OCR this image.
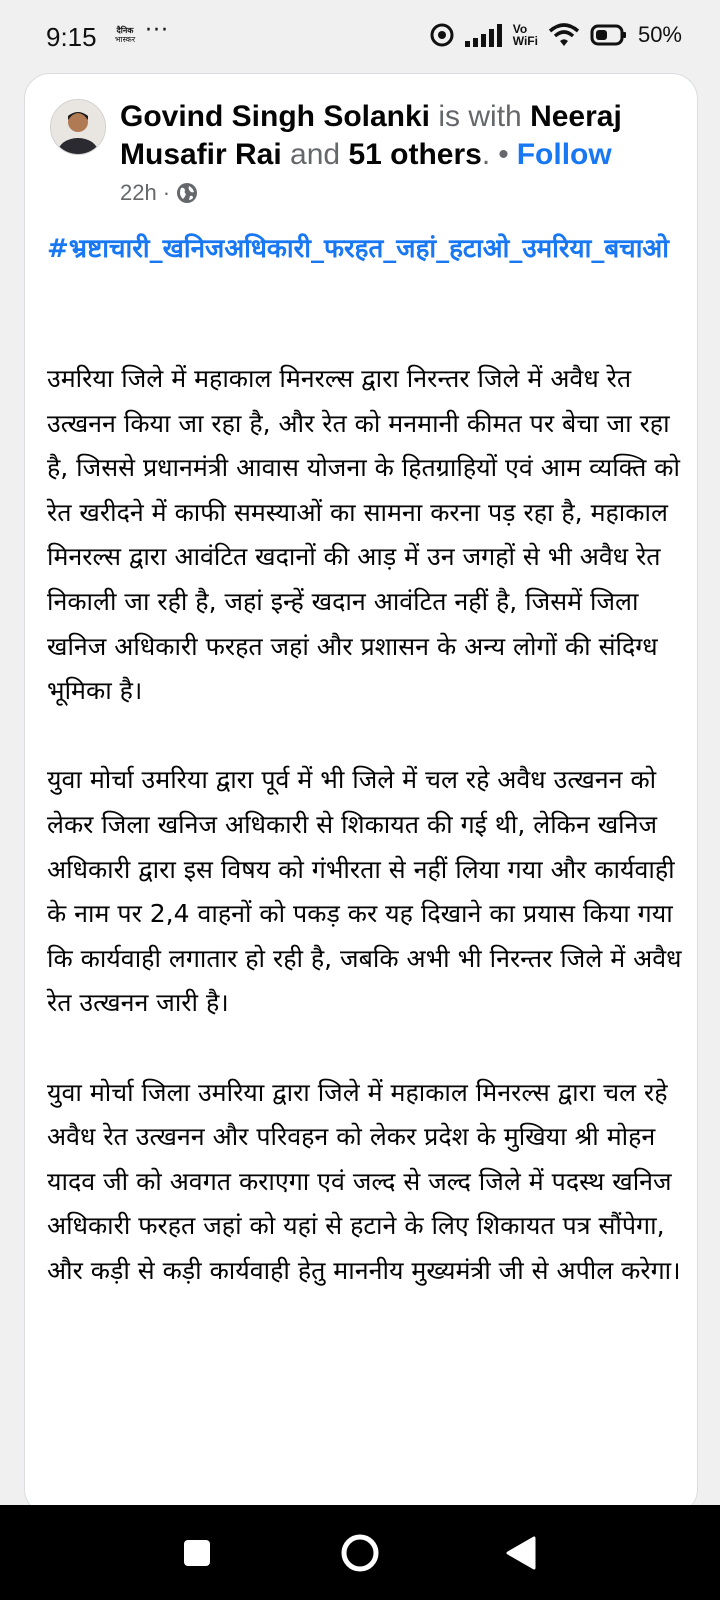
9:15	दैनिक
भास्कर ···	Vo
WiFi	50%
Govind Singh Solanki is with Neeraj Musafir Rai and 51 others. • Follow
22h ·
#भ्रष्टाचारी_खनिजअधिकारी_फरहत_जहां_हटाओ_उमरिया_बचाओ

उमरिया जिले में महाकाल मिनरल्स द्वारा निरन्तर जिले में अवैध रेत उत्खनन किया जा रहा है, और रेत को मनमानी कीमत पर बेचा जा रहा है, जिससे प्रधानमंत्री आवास योजना के हितग्राहियों एवं आम व्यक्ति को रेत खरीदने में काफी समस्याओं का सामना करना पड़ रहा है, महाकाल मिनरल्स द्वारा आवंटित खदानों की आड़ में उन जगहों से भी अवैध रेत निकाली जा रही है, जहां इन्हें खदान आवंटित नहीं है, जिसमें जिला खनिज अधिकारी फरहत जहां और प्रशासन के अन्य लोगों की संदिग्ध भूमिका है।

युवा मोर्चा उमरिया द्वारा पूर्व में भी जिले में चल रहे अवैध उत्खनन को लेकर जिला खनिज अधिकारी से शिकायत की गई थी, लेकिन खनिज अधिकारी द्वारा इस विषय को गंभीरता से नहीं लिया गया और कार्यवाही के नाम पर 2,4 वाहनों को पकड़ कर यह दिखाने का प्रयास किया गया कि कार्यवाही लगातार हो रही है, जबकि अभी भी निरन्तर जिले में अवैध रेत उत्खनन जारी है।

युवा मोर्चा जिला उमरिया द्वारा जिले में महाकाल मिनरल्स द्वारा चल रहे अवैध रेत उत्खनन और परिवहन को लेकर प्रदेश के मुखिया श्री मोहन यादव जी को अवगत कराएगा एवं जल्द से जल्द जिले में पदस्थ खनिज अधिकारी फरहत जहां को यहां से हटाने के लिए शिकायत पत्र सौंपेगा, और कड़ी से कड़ी कार्यवाही हेतु माननीय मुख्यमंत्री जी से अपील करेगा।
